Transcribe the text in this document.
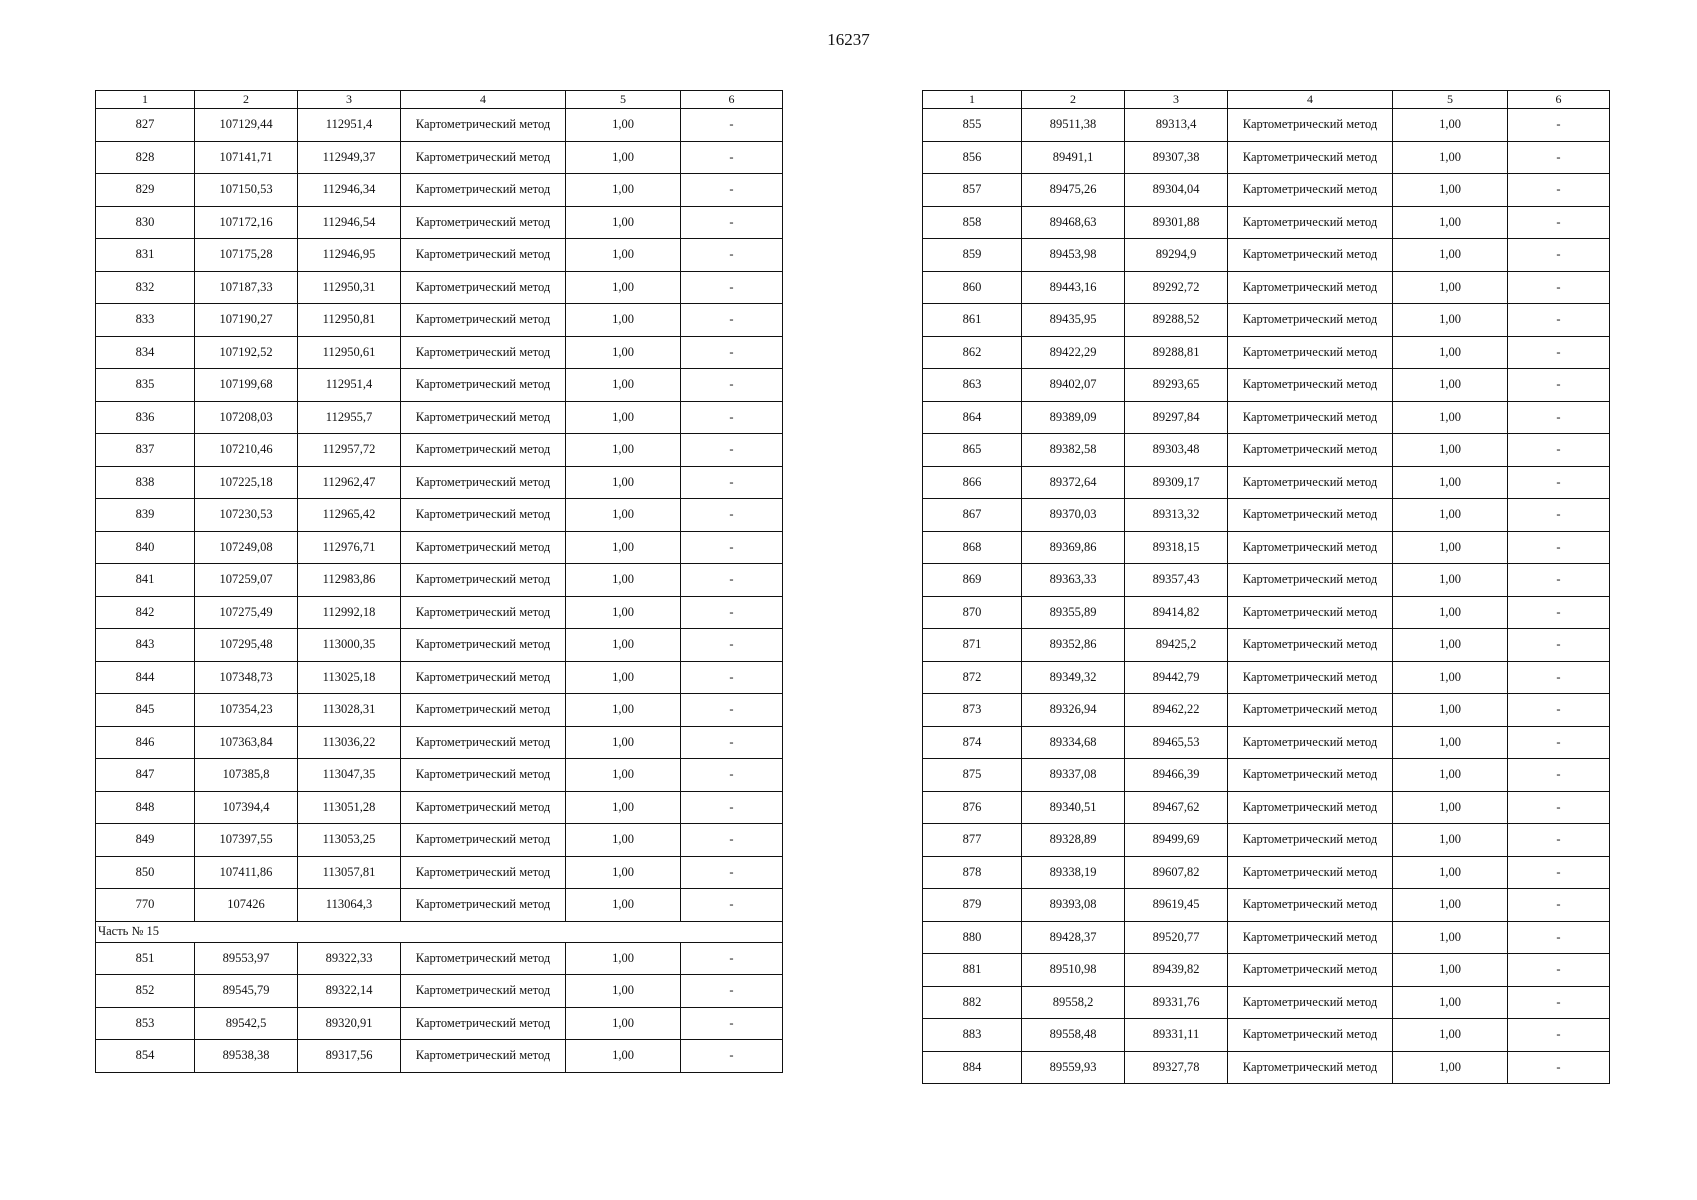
16237
1	2	3	4	5	6
827	107129,44	112951,4	Картометрический метод	1,00	-
828	107141,71	112949,37	Картометрический метод	1,00	-
829	107150,53	112946,34	Картометрический метод	1,00	-
830	107172,16	112946,54	Картометрический метод	1,00	-
831	107175,28	112946,95	Картометрический метод	1,00	-
832	107187,33	112950,31	Картометрический метод	1,00	-
833	107190,27	112950,81	Картометрический метод	1,00	-
834	107192,52	112950,61	Картометрический метод	1,00	-
835	107199,68	112951,4	Картометрический метод	1,00	-
836	107208,03	112955,7	Картометрический метод	1,00	-
837	107210,46	112957,72	Картометрический метод	1,00	-
838	107225,18	112962,47	Картометрический метод	1,00	-
839	107230,53	112965,42	Картометрический метод	1,00	-
840	107249,08	112976,71	Картометрический метод	1,00	-
841	107259,07	112983,86	Картометрический метод	1,00	-
842	107275,49	112992,18	Картометрический метод	1,00	-
843	107295,48	113000,35	Картометрический метод	1,00	-
844	107348,73	113025,18	Картометрический метод	1,00	-
845	107354,23	113028,31	Картометрический метод	1,00	-
846	107363,84	113036,22	Картометрический метод	1,00	-
847	107385,8	113047,35	Картометрический метод	1,00	-
848	107394,4	113051,28	Картометрический метод	1,00	-
849	107397,55	113053,25	Картометрический метод	1,00	-
850	107411,86	113057,81	Картометрический метод	1,00	-
770	107426	113064,3	Картометрический метод	1,00	-
Часть № 15					
851	89553,97	89322,33	Картометрический метод	1,00	-
852	89545,79	89322,14	Картометрический метод	1,00	-
853	89542,5	89320,91	Картометрический метод	1,00	-
854	89538,38	89317,56	Картометрический метод	1,00	-
1	2	3	4	5	6
855	89511,38	89313,4	Картометрический метод	1,00	-
856	89491,1	89307,38	Картометрический метод	1,00	-
857	89475,26	89304,04	Картометрический метод	1,00	-
858	89468,63	89301,88	Картометрический метод	1,00	-
859	89453,98	89294,9	Картометрический метод	1,00	-
860	89443,16	89292,72	Картометрический метод	1,00	-
861	89435,95	89288,52	Картометрический метод	1,00	-
862	89422,29	89288,81	Картометрический метод	1,00	-
863	89402,07	89293,65	Картометрический метод	1,00	-
864	89389,09	89297,84	Картометрический метод	1,00	-
865	89382,58	89303,48	Картометрический метод	1,00	-
866	89372,64	89309,17	Картометрический метод	1,00	-
867	89370,03	89313,32	Картометрический метод	1,00	-
868	89369,86	89318,15	Картометрический метод	1,00	-
869	89363,33	89357,43	Картометрический метод	1,00	-
870	89355,89	89414,82	Картометрический метод	1,00	-
871	89352,86	89425,2	Картометрический метод	1,00	-
872	89349,32	89442,79	Картометрический метод	1,00	-
873	89326,94	89462,22	Картометрический метод	1,00	-
874	89334,68	89465,53	Картометрический метод	1,00	-
875	89337,08	89466,39	Картометрический метод	1,00	-
876	89340,51	89467,62	Картометрический метод	1,00	-
877	89328,89	89499,69	Картометрический метод	1,00	-
878	89338,19	89607,82	Картометрический метод	1,00	-
879	89393,08	89619,45	Картометрический метод	1,00	-
880	89428,37	89520,77	Картометрический метод	1,00	-
881	89510,98	89439,82	Картометрический метод	1,00	-
882	89558,2	89331,76	Картометрический метод	1,00	-
883	89558,48	89331,11	Картометрический метод	1,00	-
884	89559,93	89327,78	Картометрический метод	1,00	-
